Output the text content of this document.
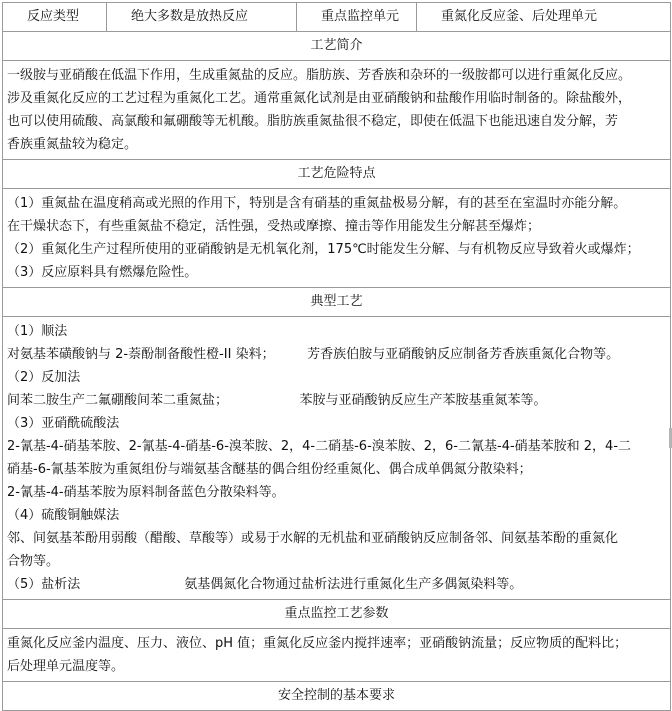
反应类型	绝大多数是放热反应	重点监控单元	重氮化反应釜、后处理单元
工艺简介

一级胺与亚硝酸在低温下作用，生成重氮盐的反应。脂肪族、芳香族和杂环的一级胺都可以进行重氮化反应。

涉及重氮化反应的工艺过程为重氮化工艺。通常重氮化试剂是由亚硝酸钠和盐酸作用临时制备的。除盐酸外，

也可以使用硫酸、高氯酸和氟硼酸等无机酸。脂肪族重氮盐很不稳定，即使在低温下也能迅速自发分解，芳

香族重氮盐较为稳定。

工艺危险特点

（1）重氮盐在温度稍高或光照的作用下，特别是含有硝基的重氮盐极易分解，有的甚至在室温时亦能分解。

在干燥状态下，有些重氮盐不稳定，活性强，受热或摩擦、撞击等作用能发生分解甚至爆炸；

（2）重氮化生产过程所使用的亚硝酸钠是无机氧化剂，175℃时能发生分解、与有机物反应导致着火或爆炸；

（3）反应原料具有燃爆危险性。

典型工艺

（1）顺法

对氨基苯磺酸钠与 2-萘酚制备酸性橙-II 染料；　　　芳香族伯胺与亚硝酸钠反应制备芳香族重氮化合物等。

（2）反加法

间苯二胺生产二氟硼酸间苯二重氮盐；　　　　　　苯胺与亚硝酸钠反应生产苯胺基重氮苯等。

（3）亚硝酰硫酸法

2-氰基-4-硝基苯胺、2-氰基-4-硝基-6-溴苯胺、2，4-二硝基-6-溴苯胺、2，6-二氰基-4-硝基苯胺和 2，4-二

硝基-6-氰基苯胺为重氮组份与端氨基含醚基的偶合组份经重氮化、偶合成单偶氮分散染料；

2-氰基-4-硝基苯胺为原料制备蓝色分散染料等。

（4）硫酸铜触媒法

邻、间氨基苯酚用弱酸（醋酸、草酸等）或易于水解的无机盐和亚硝酸钠反应制备邻、间氨基苯酚的重氮化

合物等。

（5）盐析法　　　　　　　　氨基偶氮化合物通过盐析法进行重氮化生产多偶氮染料等。

重点监控工艺参数

重氮化反应釜内温度、压力、液位、pH 值；重氮化反应釜内搅拌速率；亚硝酸钠流量；反应物质的配料比；

后处理单元温度等。

安全控制的基本要求
